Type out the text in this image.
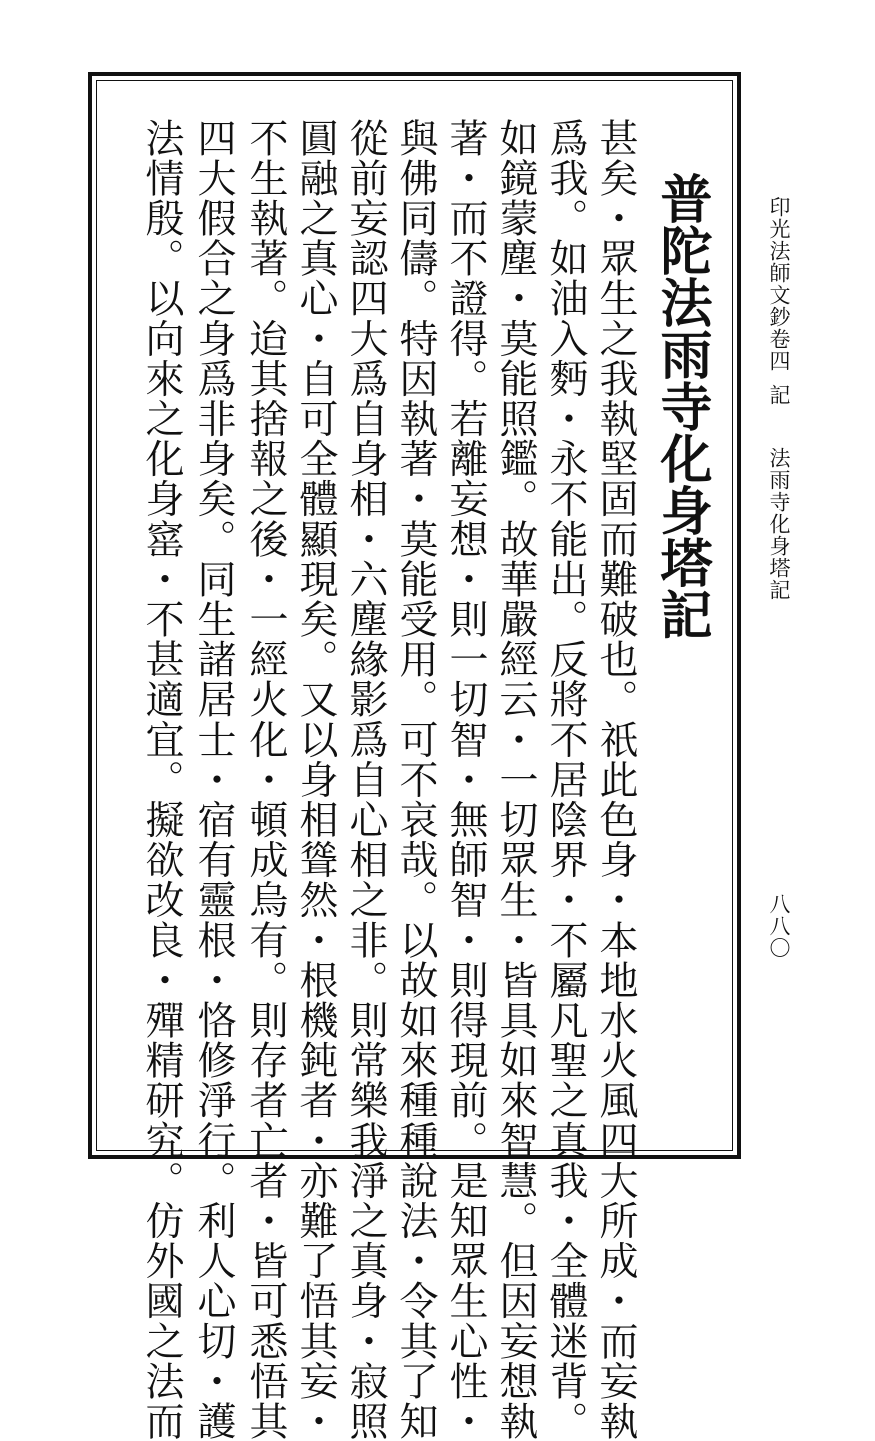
印光法師文鈔卷四
記
法雨寺化身塔記
八八〇
普陀法雨寺化身塔記
甚矣・眾生之我執堅固而難破也。祇此色身・本地水火風四大所成・而妄執
爲我。如油入麪・永不能出。反將不居陰界・不屬凡聖之真我・全體迷背。
如鏡蒙塵・莫能照鑑。故華嚴經云・一切眾生・皆具如來智慧。但因妄想執
著・而不證得。若離妄想・則一切智・無師智・則得現前。是知眾生心性・
與佛同儔。特因執著・莫能受用。可不哀哉。以故如來種種說法・令其了知
從前妄認四大爲自身相・六塵緣影爲自心相之非。則常樂我淨之真身・寂照
圓融之真心・自可全體顯現矣。又以身相聳然・根機鈍者・亦難了悟其妄・
不生執著。迨其捨報之後・一經火化・頓成烏有。則存者亡者・皆可悉悟其
四大假合之身爲非身矣。同生諸居士・宿有靈根・恪修淨行。利人心切・護
法情殷。以向來之化身窰・不甚適宜。擬欲改良・殫精研究。仿外國之法而
